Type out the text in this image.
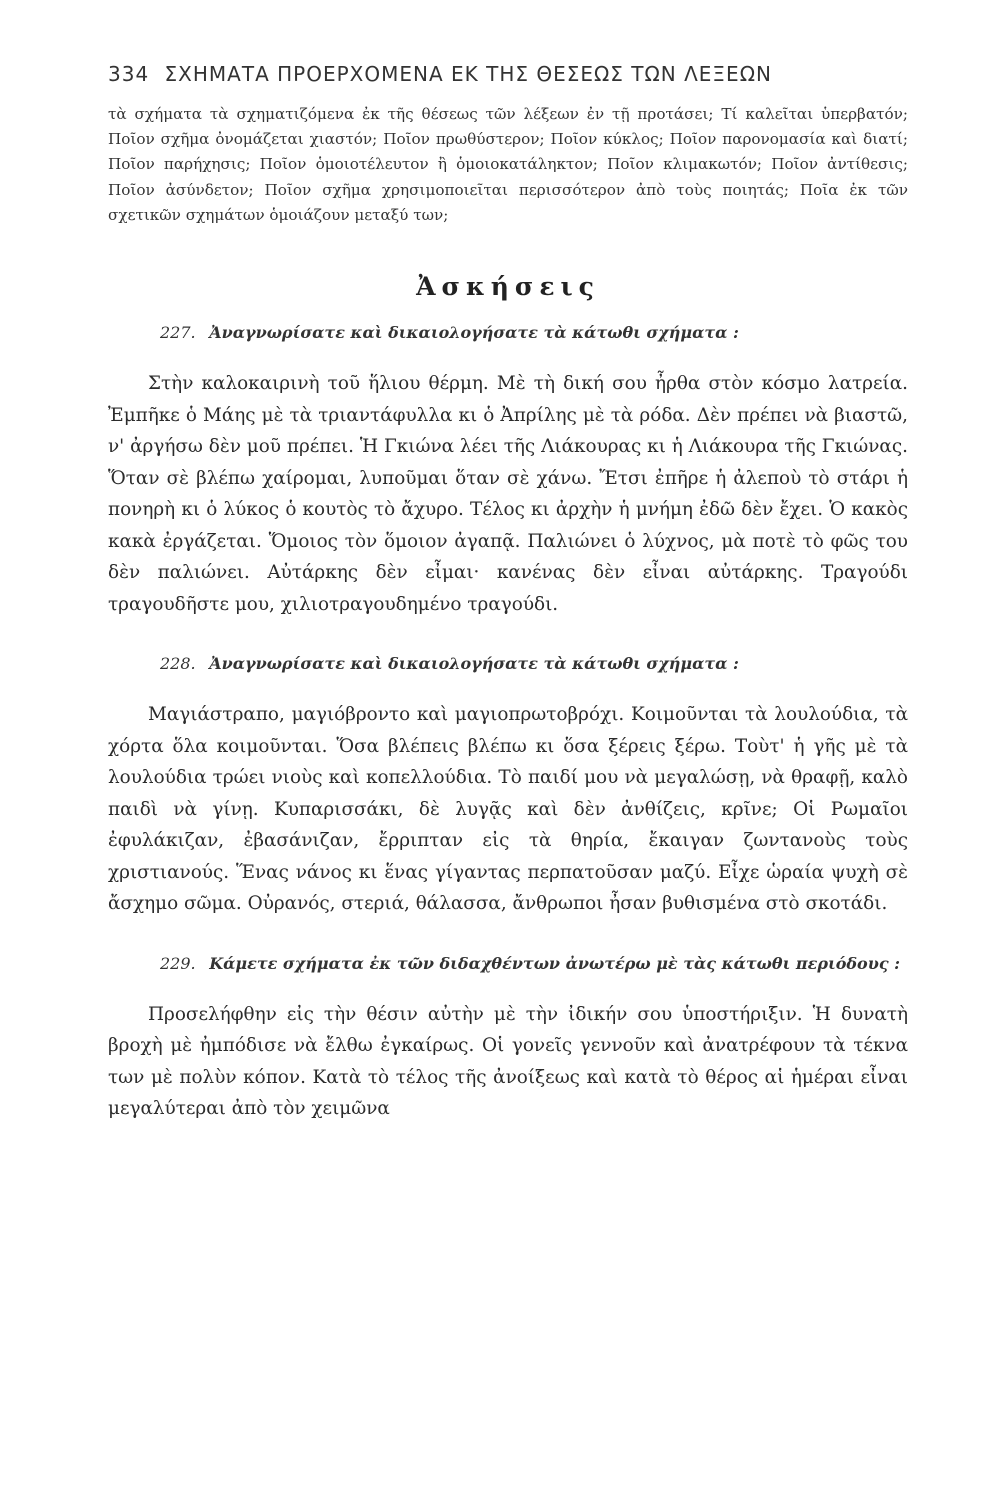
334 ΣΧΗΜΑΤΑ ΠΡΟΕΡΧΟΜΕΝΑ ΕΚ ΤΗΣ ΘΕΣΕΩΣ ΤΩΝ ΛΕΞΕΩΝ

τὰ σχήματα τὰ σχηματιζόμενα ἐκ τῆς θέσεως τῶν λέξεων ἐν τῇ προτάσει; Τί καλεῖται ὑπερβατόν; Ποῖον σχῆμα ὀνομάζεται χιαστόν; Ποῖον πρωθύστερον; Ποῖον κύκλος; Ποῖον παρονομασία καὶ διατί; Ποῖον παρήχησις; Ποῖον ὁμοιοτέλευτον ἢ ὁμοιοκατάληκτον; Ποῖον κλιμακωτόν; Ποῖον ἀντίθεσις; Ποῖον ἀσύνδετον; Ποῖον σχῆμα χρησιμοποιεῖται περισσότερον ἀπὸ τοὺς ποιητάς; Ποῖα ἐκ τῶν σχετικῶν σχημάτων ὁμοιάζουν μεταξύ των;

Ἀσκήσεις
227. Ἀναγνωρίσατε καὶ δικαιολογήσατε τὰ κάτωθι σχήματα :

Στὴν καλοκαιρινὴ τοῦ ἥλιου θέρμη. Μὲ τὴ δική σου ἦρθα στὸν κόσμο λατρεία. Ἐμπῆκε ὁ Μάης μὲ τὰ τριαντάφυλλα κι ὁ Ἀπρίλης μὲ τὰ ρόδα. Δὲν πρέπει νὰ βιαστῶ, ν' ἀργήσω δὲν μοῦ πρέπει. Ἡ Γκιώνα λέει τῆς Λιάκουρας κι ἡ Λιάκουρα τῆς Γκιώνας. Ὅταν σὲ βλέπω χαίρομαι, λυποῦμαι ὅταν σὲ χάνω. Ἔτσι ἐπῆρε ἡ ἀλεποὺ τὸ στάρι ἡ πονηρὴ κι ὁ λύκος ὁ κουτὸς τὸ ἄχυρο. Τέλος κι ἀρχὴν ἡ μνήμη ἐδῶ δὲν ἔχει. Ὁ κακὸς κακὰ ἐργάζεται. Ὅμοιος τὸν ὅμοιον ἀγαπᾷ. Παλιώνει ὁ λύχνος, μὰ ποτὲ τὸ φῶς του δὲν παλιώνει. Αὐτάρκης δὲν εἶμαι· κανένας δὲν εἶναι αὐτάρκης. Τραγούδι τραγουδῆστε μου, χιλιοτραγουδημένο τραγούδι.

228. Ἀναγνωρίσατε καὶ δικαιολογήσατε τὰ κάτωθι σχήματα :

Μαγιάστραπο, μαγιόβροντο καὶ μαγιοπρωτοβρόχι. Κοιμοῦνται τὰ λουλούδια, τὰ χόρτα ὅλα κοιμοῦνται. Ὅσα βλέπεις βλέπω κι ὅσα ξέρεις ξέρω. Τοὺτ' ἡ γῆς μὲ τὰ λουλούδια τρώει νιοὺς καὶ κοπελλούδια. Τὸ παιδί μου νὰ μεγαλώσῃ, νὰ θραφῇ, καλὸ παιδὶ νὰ γίνῃ. Κυπαρισσάκι, δὲ λυγᾷς καὶ δὲν ἀνθίζεις, κρῖνε; Οἱ Ρωμαῖοι ἐφυλάκιζαν, ἐβασάνιζαν, ἔρριπταν εἰς τὰ θηρία, ἔκαιγαν ζωντανοὺς τοὺς χριστιανούς. Ἕνας νάνος κι ἕνας γίγαντας περπατοῦσαν μαζύ. Εἶχε ὡραία ψυχὴ σὲ ἄσχημο σῶμα. Οὐρανός, στεριά, θάλασσα, ἄνθρωποι ἦσαν βυθισμένα στὸ σκοτάδι.

229. Κάμετε σχήματα ἐκ τῶν διδαχθέντων ἀνωτέρω μὲ τὰς κάτωθι περιόδους :

Προσελήφθην εἰς τὴν θέσιν αὐτὴν μὲ τὴν ἰδικήν σου ὑποστήριξιν. Ἡ δυνατὴ βροχὴ μὲ ἠμπόδισε νὰ ἔλθω ἐγκαίρως. Οἱ γονεῖς γεννοῦν καὶ ἀνατρέφουν τὰ τέκνα των μὲ πολὺν κόπον. Κατὰ τὸ τέλος τῆς ἀνοίξεως καὶ κατὰ τὸ θέρος αἱ ἡμέραι εἶναι μεγαλύτεραι ἀπὸ τὸν χειμῶνα
